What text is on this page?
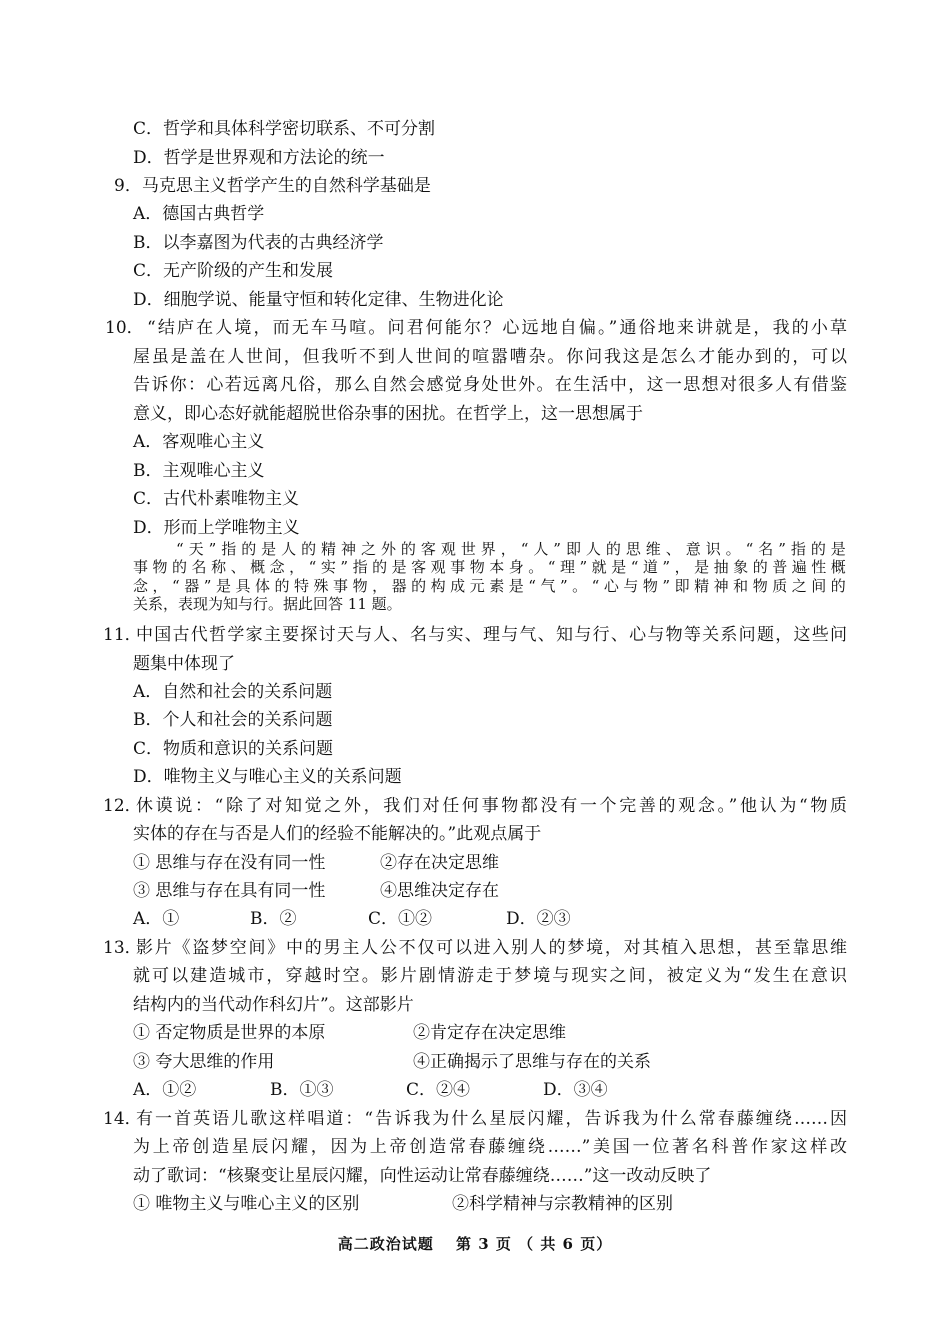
C．哲学和具体科学密切联系、不可分割
D．哲学是世界观和方法论的统一
9．马克思主义哲学产生的自然科学基础是
A．德国古典哲学
B．以李嘉图为代表的古典经济学
C．无产阶级的产生和发展
D．细胞学说、能量守恒和转化定律、生物进化论
10． “结庐在人境，而无车马喧。问君何能尔？心远地自偏。”通俗地来讲就是，我的小草
屋虽是盖在人世间，但我听不到人世间的喧嚣嘈杂。你问我这是怎么才能办到的，可以
告诉你：心若远离凡俗，那么自然会感觉身处世外。在生活中，这一思想对很多人有借鉴
意义，即心态好就能超脱世俗杂事的困扰。在哲学上，这一思想属于
A．客观唯心主义
B．主观唯心主义
C．古代朴素唯物主义
D．形而上学唯物主义
“天”指的是人的精神之外的客观世界，“人”即人的思维、意识。“名”指的是
事物的名称、概念，“实”指的是客观事物本身。“理”就是“道”，是抽象的普遍性概
念，“器”是具体的特殊事物，器的构成元素是“气”。“心与物”即精神和物质之间的
关系，表现为知与行。据此回答 11 题。
11．
中国古代哲学家主要探讨天与人、名与实、理与气、知与行、心与物等关系问题，这些问
题集中体现了
A．自然和社会的关系问题
B．个人和社会的关系问题
C．物质和意识的关系问题
D．唯物主义与唯心主义的关系问题
12．
休谟说：“除了对知觉之外，我们对任何事物都没有一个完善的观念。”他认为“物质
实体的存在与否是人们的经验不能解决的。”此观点属于
① 思维与存在没有同一性	②存在决定思维
③ 思维与存在具有同一性	④思维决定存在
A．①	B．②	C．①②	D．②③
13．
影片《盗梦空间》中的男主人公不仅可以进入别人的梦境，对其植入思想，甚至靠思维
就可以建造城市，穿越时空。影片剧情游走于梦境与现实之间，被定义为“发生在意识
结构内的当代动作科幻片”。这部影片
① 否定物质是世界的本原	②肯定存在决定思维
③ 夸大思维的作用	④正确揭示了思维与存在的关系
A．①②	B．①③	C．②④	D．③④
14．
有一首英语儿歌这样唱道：“告诉我为什么星辰闪耀，告诉我为什么常春藤缠绕……因
为上帝创造星辰闪耀，因为上帝创造常春藤缠绕……”美国一位著名科普作家这样改
动了歌词：“核聚变让星辰闪耀，向性运动让常春藤缠绕……”这一改动反映了
① 唯物主义与唯心主义的区别	②科学精神与宗教精神的区别
高二政治试题　 第 3 页 （ 共 6 页）
